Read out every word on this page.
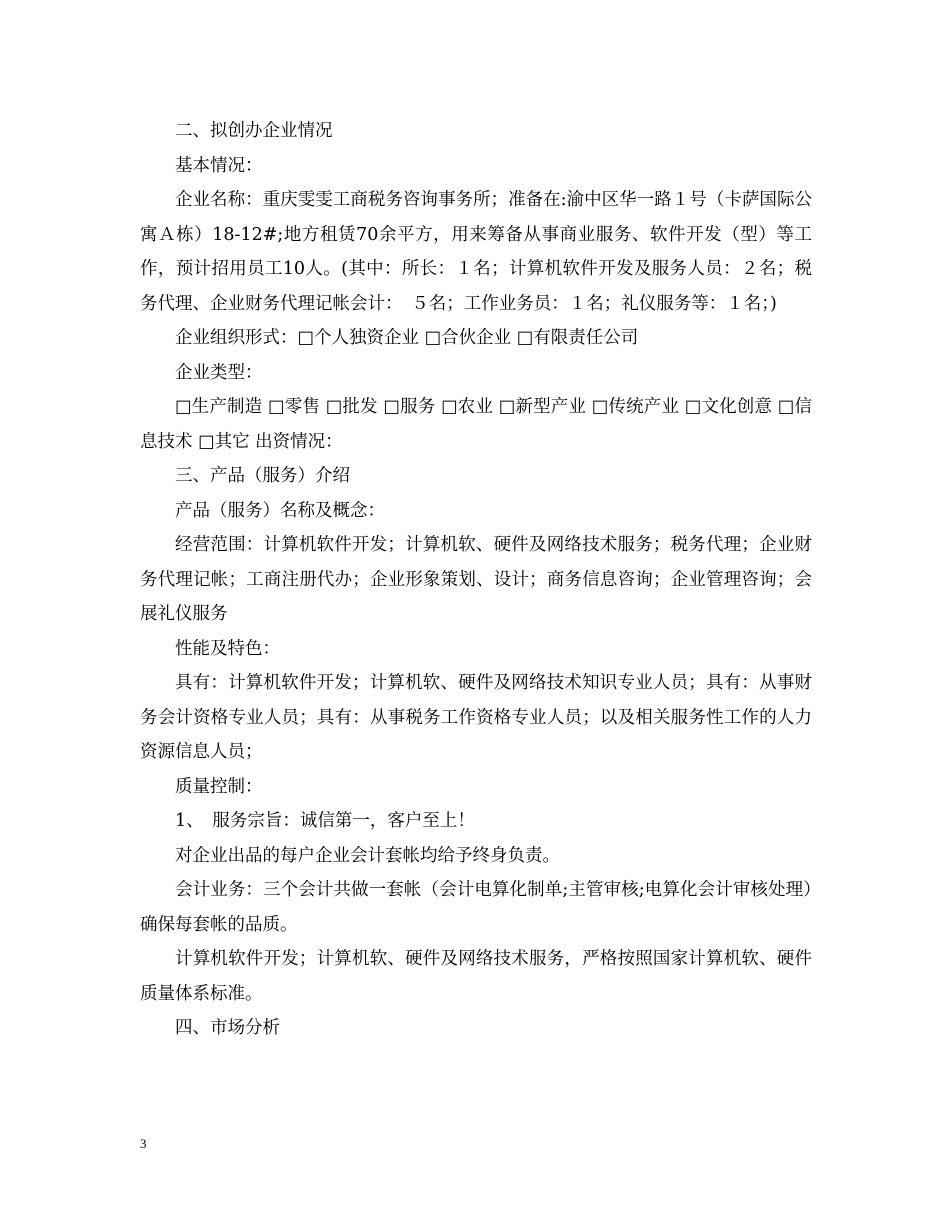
二、拟创办企业情况

基本情况：

企业名称：重庆雯雯工商税务咨询事务所；准备在:渝中区华一路１号（卡萨国际公寓Ａ栋）18-12#;地方租赁70余平方，用来筹备从事商业服务、软件开发（型）等工作，预计招用员工10人。(其中：所长：１名；计算机软件开发及服务人员：２名；税务代理、企业财务代理记帐会计：　５名；工作业务员：１名；礼仪服务等：１名；)

企业组织形式：□个人独资企业 □合伙企业 □有限责任公司

企业类型：

□生产制造 □零售 □批发 □服务 □农业 □新型产业 □传统产业 □文化创意 □信息技术 □其它 出资情况：

三、产品（服务）介绍

产品（服务）名称及概念：

经营范围：计算机软件开发；计算机软、硬件及网络技术服务；税务代理；企业财务代理记帐；工商注册代办；企业形象策划、设计；商务信息咨询；企业管理咨询；会展礼仪服务

性能及特色：

具有：计算机软件开发；计算机软、硬件及网络技术知识专业人员；具有：从事财务会计资格专业人员；具有：从事税务工作资格专业人员；以及相关服务性工作的人力资源信息人员；

质量控制：

1、　服务宗旨：诚信第一，客户至上！

对企业出品的每户企业会计套帐均给予终身负责。

会计业务：三个会计共做一套帐（会计电算化制单;主管审核;电算化会计审核处理）确保每套帐的品质。

计算机软件开发；计算机软、硬件及网络技术服务，严格按照国家计算机软、硬件质量体系标准。

四、市场分析

3
